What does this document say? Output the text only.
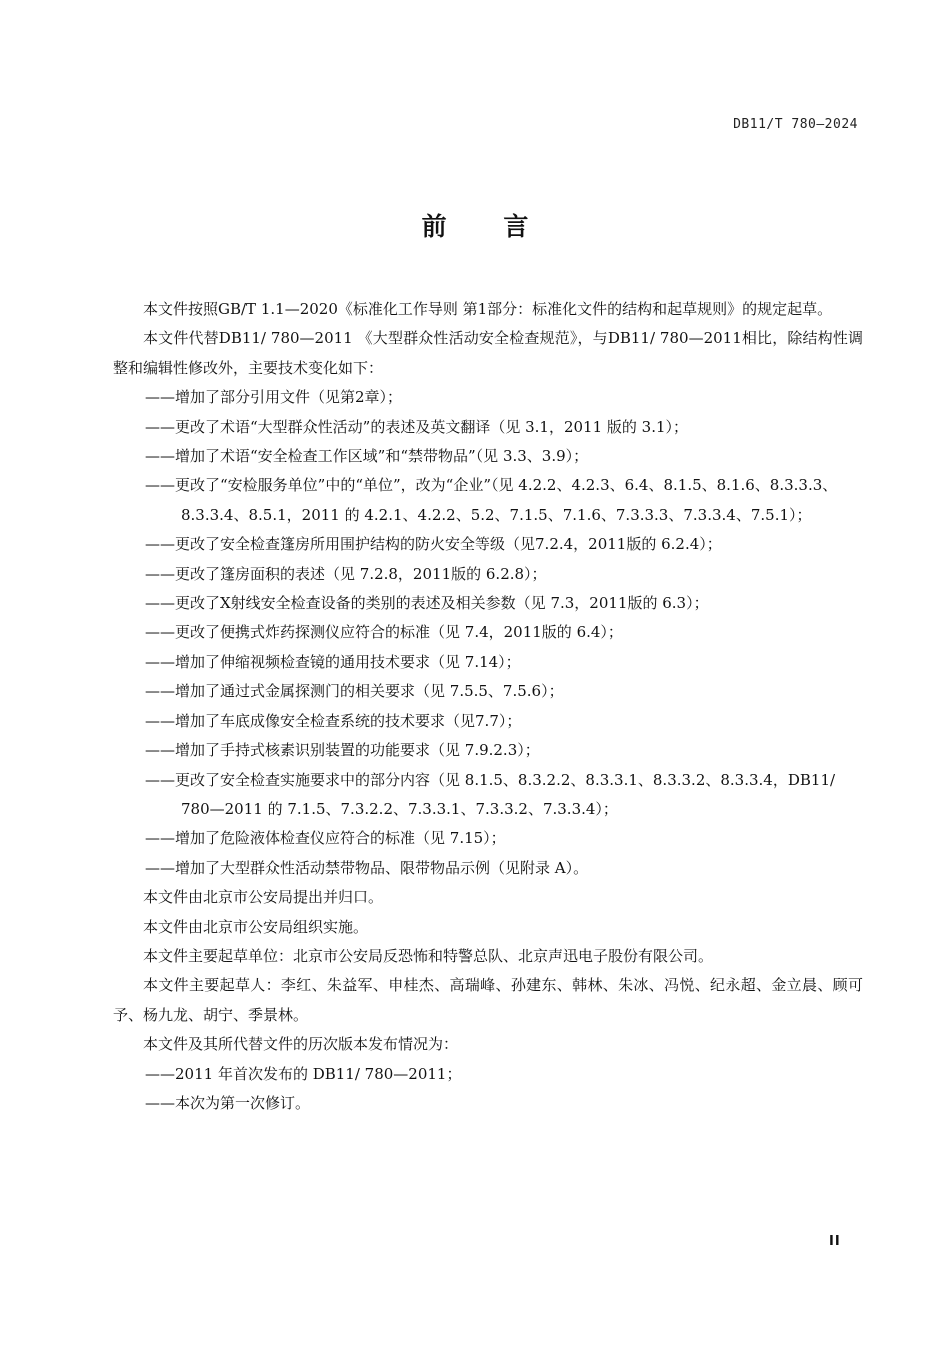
DB11/T 780—2024
前 言

本文件按照GB/T 1.1—2020《标准化工作导则 第1部分：标准化文件的结构和起草规则》的规定起草。

本文件代替DB11/ 780—2011 《大型群众性活动安全检查规范》，与DB11/ 780—2011相比，除结构性调整和编辑性修改外，主要技术变化如下：

——增加了部分引用文件（见第2章）；

——更改了术语“大型群众性活动”的表述及英文翻译（见 3.1，2011 版的 3.1）；

——增加了术语“安全检查工作区域”和“禁带物品”（见 3.3、3.9）；

——更改了“安检服务单位”中的“单位”，改为“企业”（见 4.2.2、4.2.3、6.4、8.1.5、8.1.6、8.3.3.3、8.3.3.4、8.5.1，2011 的 4.2.1、4.2.2、5.2、7.1.5、7.1.6、7.3.3.3、7.3.3.4、7.5.1）；

——更改了安全检查篷房所用围护结构的防火安全等级（见7.2.4，2011版的 6.2.4）；

——更改了篷房面积的表述（见 7.2.8，2011版的 6.2.8）；

——更改了X射线安全检查设备的类别的表述及相关参数（见 7.3，2011版的 6.3）；

——更改了便携式炸药探测仪应符合的标准（见 7.4，2011版的 6.4）；

——增加了伸缩视频检查镜的通用技术要求（见 7.14）；

——增加了通过式金属探测门的相关要求（见 7.5.5、7.5.6）；

——增加了车底成像安全检查系统的技术要求（见7.7）；

——增加了手持式核素识别装置的功能要求（见 7.9.2.3）；

——更改了安全检查实施要求中的部分内容（见 8.1.5、8.3.2.2、8.3.3.1、8.3.3.2、8.3.3.4，DB11/ 780—2011 的 7.1.5、7.3.2.2、7.3.3.1、7.3.3.2、7.3.3.4）；

——增加了危险液体检查仪应符合的标准（见 7.15）；

——增加了大型群众性活动禁带物品、限带物品示例（见附录 A）。

本文件由北京市公安局提出并归口。

本文件由北京市公安局组织实施。

本文件主要起草单位：北京市公安局反恐怖和特警总队、北京声迅电子股份有限公司。

本文件主要起草人：李红、朱益军、申桂杰、高瑞峰、孙建东、韩林、朱冰、冯悦、纪永超、金立晨、顾可予、杨九龙、胡宁、季景林。

本文件及其所代替文件的历次版本发布情况为：

——2011 年首次发布的 DB11/ 780—2011；

——本次为第一次修订。

II
